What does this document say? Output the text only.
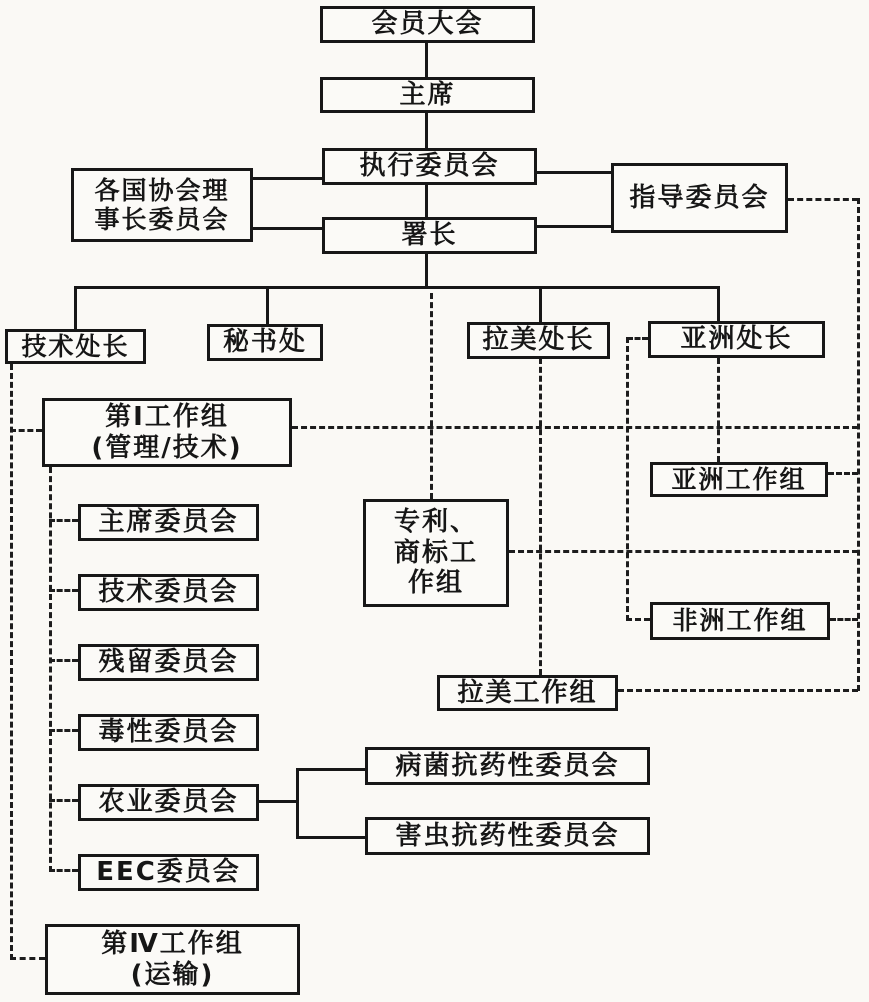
会员大会
主席
各国协会理
事长委员会
执行委员会
指导委员会
署长
技术处长	秘书处	拉美处长	亚洲处长
第Ⅰ工作组
(管理/技术)
专利、
商标工
作组
亚洲工作组
主席委员会
技术委员会
非洲工作组
残留委员会
拉美工作组
毒性委员会
农业委员会
病菌抗药性委员会
害虫抗药性委员会
EEC委员会
第Ⅳ工作组
(运输)
